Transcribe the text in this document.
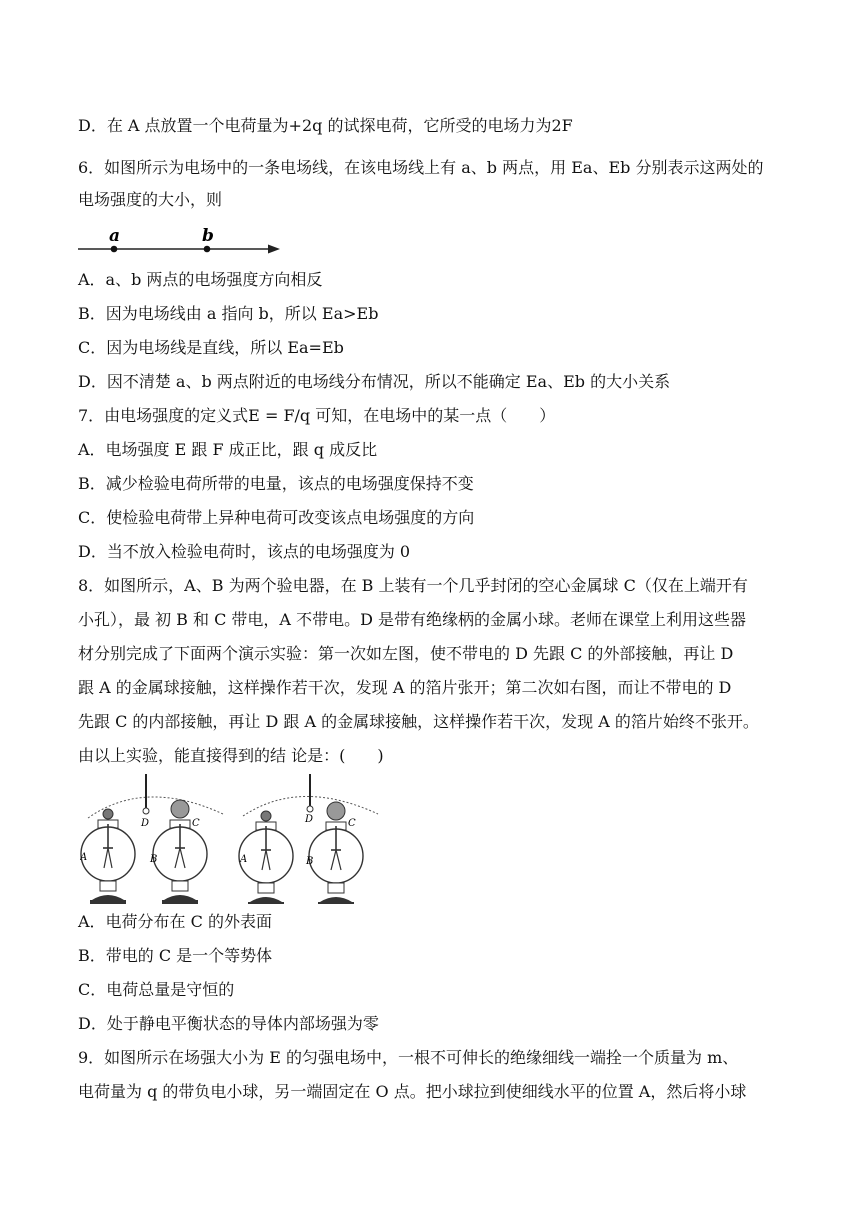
D．在 A 点放置一个电荷量为+2q 的试探电荷，它所受的电场力为2F
6．如图所示为电场中的一条电场线，在该电场线上有 a、b 两点，用 Ea、Eb 分别表示这两处的
电场强度的大小，则
a	b
A．a、b 两点的电场强度方向相反
B．因为电场线由 a 指向 b，所以 Ea>Eb
C．因为电场线是直线，所以 Ea=Eb
D．因不清楚 a、b 两点附近的电场线分布情况，所以不能确定 Ea、Eb 的大小关系
7．由电场强度的定义式E = F/q 可知，在电场中的某一点（　　）
A．电场强度 E 跟 F 成正比，跟 q 成反比
B．减少检验电荷所带的电量，该点的电场强度保持不变
C．使检验电荷带上异种电荷可改变该点电场强度的方向
D．当不放入检验电荷时，该点的电场强度为 0
8．如图所示，A、B 为两个验电器，在 B 上装有一个几乎封闭的空心金属球 C（仅在上端开有
小孔），最 初 B 和 C 带电，A 不带电。D 是带有绝缘柄的金属小球。老师在课堂上利用这些器
材分别完成了下面两个演示实验：第一次如左图，使不带电的 D 先跟 C 的外部接触，再让 D
跟 A 的金属球接触，这样操作若干次，发现 A 的箔片张开；第二次如右图，而让不带电的 D
先跟 C 的内部接触，再让 D 跟 A 的金属球接触，这样操作若干次，发现 A 的箔片始终不张开。
由以上实验，能直接得到的结 论是：(　　)
A	B
C
D
A	B
C
D
A．电荷分布在 C 的外表面
B．带电的 C 是一个等势体
C．电荷总量是守恒的
D．处于静电平衡状态的导体内部场强为零
9．如图所示在场强大小为 E 的匀强电场中，一根不可伸长的绝缘细线一端拴一个质量为 m、
电荷量为 q 的带负电小球，另一端固定在 O 点。把小球拉到使细线水平的位置 A，然后将小球
